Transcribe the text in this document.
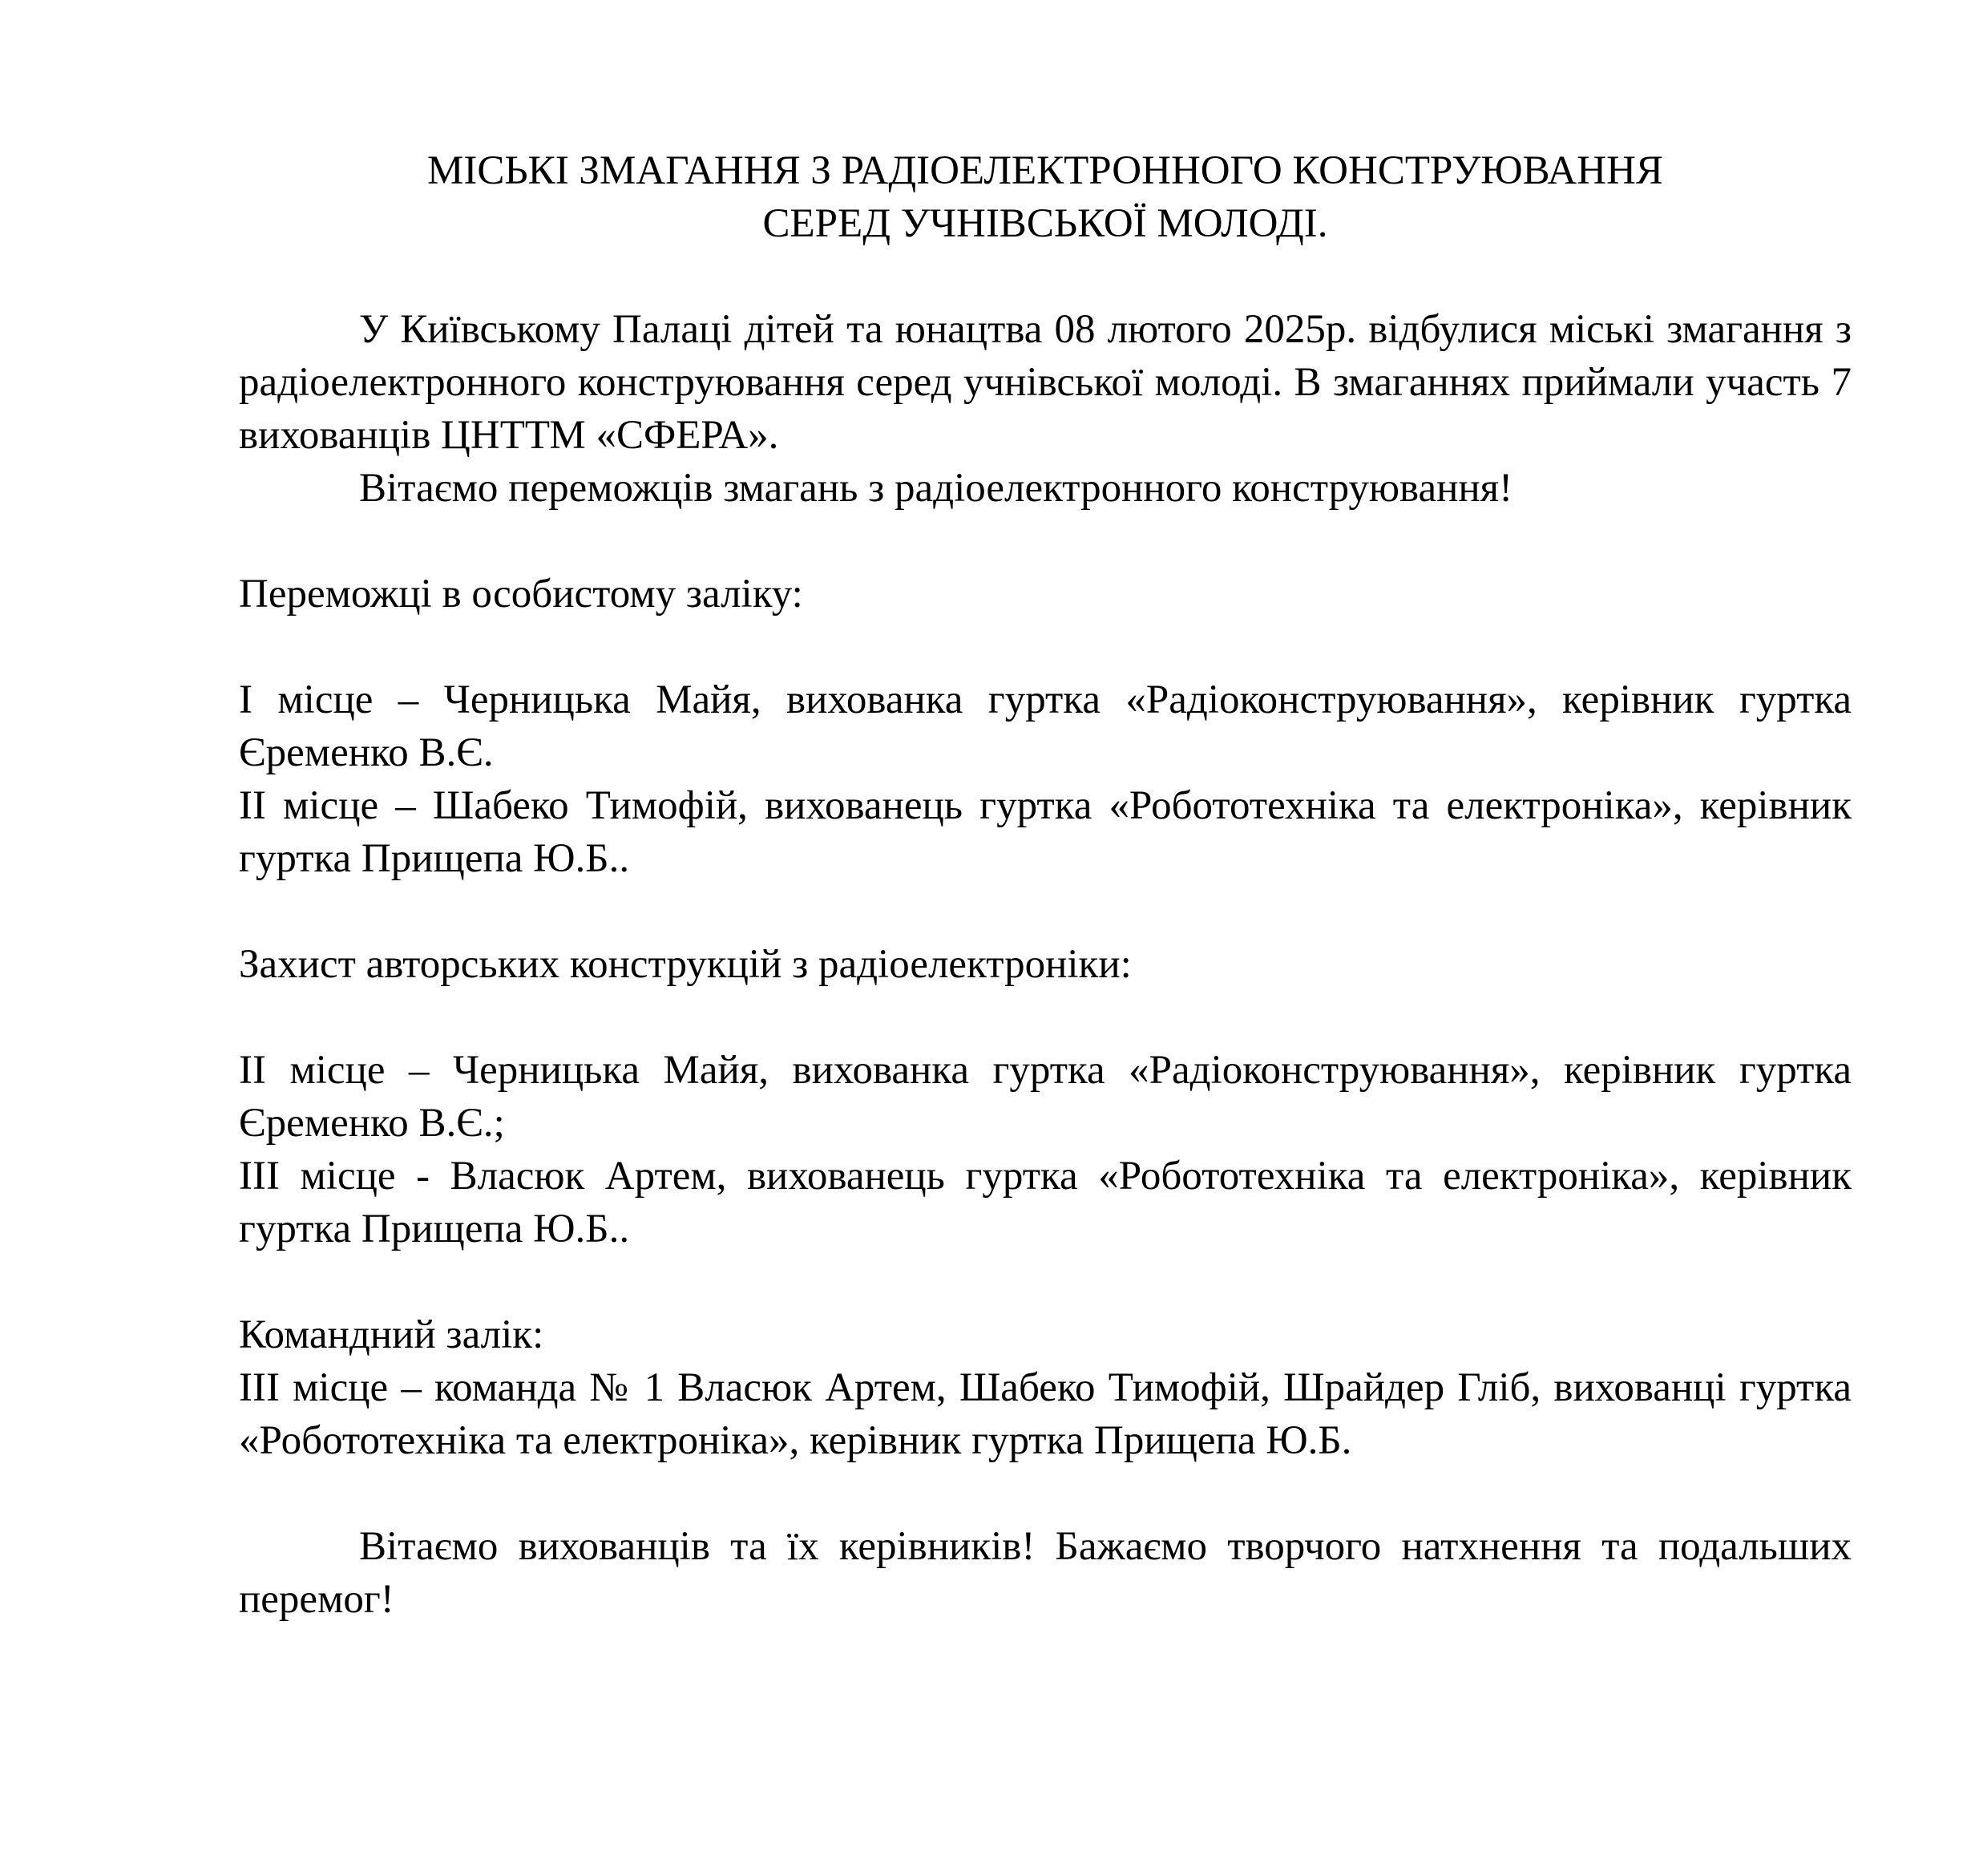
МІСЬКІ ЗМАГАННЯ З РАДІОЕЛЕКТРОННОГО КОНСТРУЮВАННЯ
СЕРЕД УЧНІВСЬКОЇ МОЛОДІ.

У Київському Палаці дітей та юнацтва 08 лютого 2025р. відбулися міські змагання з радіоелектронного конструювання серед учнівської молоді. В змаганнях приймали участь 7 вихованців ЦНТТМ «СФЕРА».

Вітаємо переможців змагань з радіоелектронного конструювання!

Переможці в особистому заліку:

І місце – Черницька Майя, вихованка гуртка «Радіоконструювання», керівник гуртка Єременко В.Є.

ІІ місце – Шабеко Тимофій, вихованець гуртка «Робототехніка та електроніка», керівник гуртка Прищепа Ю.Б..

Захист авторських конструкцій з радіоелектроніки:

ІІ місце – Черницька Майя, вихованка гуртка «Радіоконструювання», керівник гуртка Єременко В.Є.;

ІІІ місце - Власюк Артем, вихованець гуртка «Робототехніка та електроніка», керівник гуртка Прищепа Ю.Б..

Командний залік:

ІІІ місце – команда № 1 Власюк Артем, Шабеко Тимофій, Шрайдер Гліб, вихованці гуртка «Робототехніка та електроніка», керівник гуртка Прищепа Ю.Б.

Вітаємо вихованців та їх керівників! Бажаємо творчого натхнення та подальших перемог!
